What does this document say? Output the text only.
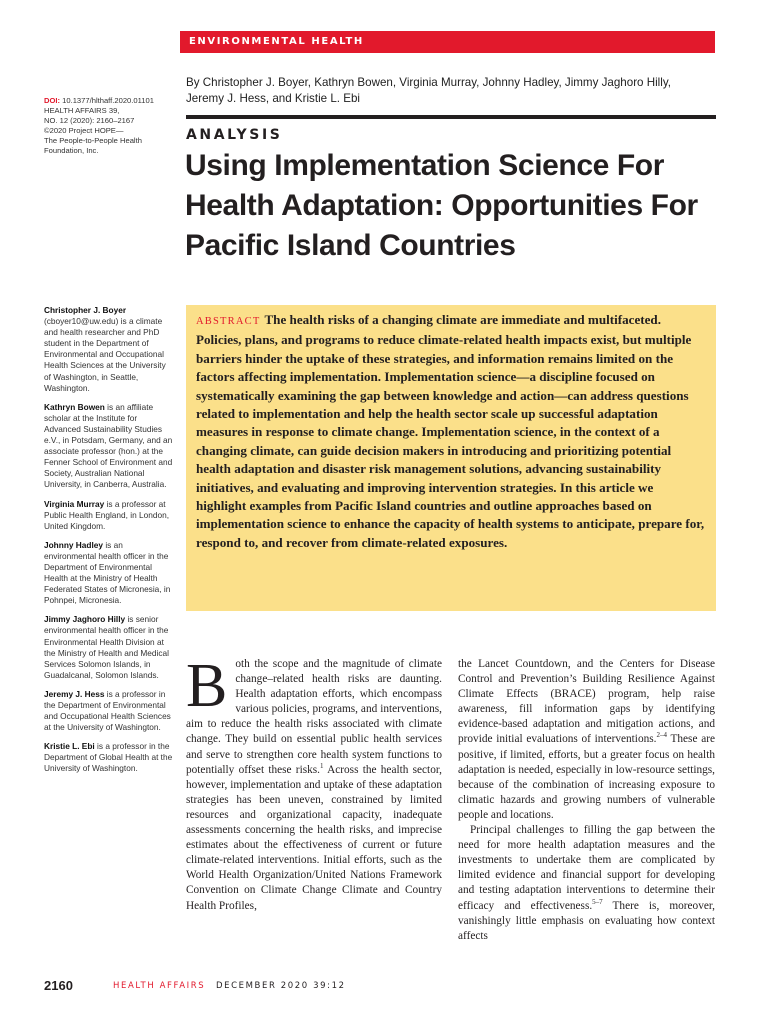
ENVIRONMENTAL HEALTH
DOI: 10.1377/hlthaff.2020.01101
HEALTH AFFAIRS 39,
NO. 12 (2020): 2160–2167
©2020 Project HOPE—
The People-to-People Health Foundation, Inc.
By Christopher J. Boyer, Kathryn Bowen, Virginia Murray, Johnny Hadley, Jimmy Jaghoro Hilly, Jeremy J. Hess, and Kristie L. Ebi
ANALYSIS
Using Implementation Science For Health Adaptation: Opportunities For Pacific Island Countries
Christopher J. Boyer (cboyer10@uw.edu) is a climate and health researcher and PhD student in the Department of Environmental and Occupational Health Sciences at the University of Washington, in Seattle, Washington.
Kathryn Bowen is an affiliate scholar at the Institute for Advanced Sustainability Studies e.V., in Potsdam, Germany, and an associate professor (hon.) at the Fenner School of Environment and Society, Australian National University, in Canberra, Australia.
Virginia Murray is a professor at Public Health England, in London, United Kingdom.
Johnny Hadley is an environmental health officer in the Department of Environmental Health at the Ministry of Health Federated States of Micronesia, in Pohnpei, Micronesia.
Jimmy Jaghoro Hilly is senior environmental health officer in the Environmental Health Division at the Ministry of Health and Medical Services Solomon Islands, in Guadalcanal, Solomon Islands.
Jeremy J. Hess is a professor in the Department of Environmental and Occupational Health Sciences at the University of Washington.
Kristie L. Ebi is a professor in the Department of Global Health at the University of Washington.

ABSTRACT The health risks of a changing climate are immediate and multifaceted. Policies, plans, and programs to reduce climate-related health impacts exist, but multiple barriers hinder the uptake of these strategies, and information remains limited on the factors affecting implementation. Implementation science—a discipline focused on systematically examining the gap between knowledge and action—can address questions related to implementation and help the health sector scale up successful adaptation measures in response to climate change. Implementation science, in the context of a changing climate, can guide decision makers in introducing and prioritizing potential health adaptation and disaster risk management solutions, advancing sustainability initiatives, and evaluating and improving intervention strategies. In this article we highlight examples from Pacific Island countries and outline approaches based on implementation science to enhance the capacity of health systems to anticipate, prepare for, respond to, and recover from climate-related exposures.

Both the scope and the magnitude of climate change–related health risks are daunting. Health adaptation efforts, which encompass various policies, programs, and interventions, aim to reduce the health risks associated with climate change. They build on essential public health services and serve to strengthen core health system functions to potentially offset these risks.$^1$ Across the health sector, however, implementation and uptake of these adaptation strategies has been uneven, constrained by limited resources and organizational capacity, inadequate assessments concerning the health risks, and imprecise estimates about the effectiveness of current or future climate-related interventions. Initial efforts, such as the World Health Organization/United Nations Framework Convention on Climate Change Climate and Country Health Profiles,

the Lancet Countdown, and the Centers for Disease Control and Prevention’s Building Resilience Against Climate Effects (BRACE) program, help raise awareness, fill information gaps by identifying evidence-based adaptation and mitigation actions, and provide initial evaluations of interventions.$^{2-4}$ These are positive, if limited, efforts, but a greater focus on health adaptation is needed, especially in low-resource settings, because of the combination of increasing exposure to climatic hazards and growing numbers of vulnerable people and locations.

Principal challenges to filling the gap between the need for more health adaptation measures and the investments to undertake them are complicated by limited evidence and financial support for developing and testing adaptation interventions to determine their efficacy and effectiveness.$^{5-7}$ There is, moreover, vanishingly little emphasis on evaluating how context affects

2160	HEALTH AFFAIRS DECEMBER 2020 39:12
